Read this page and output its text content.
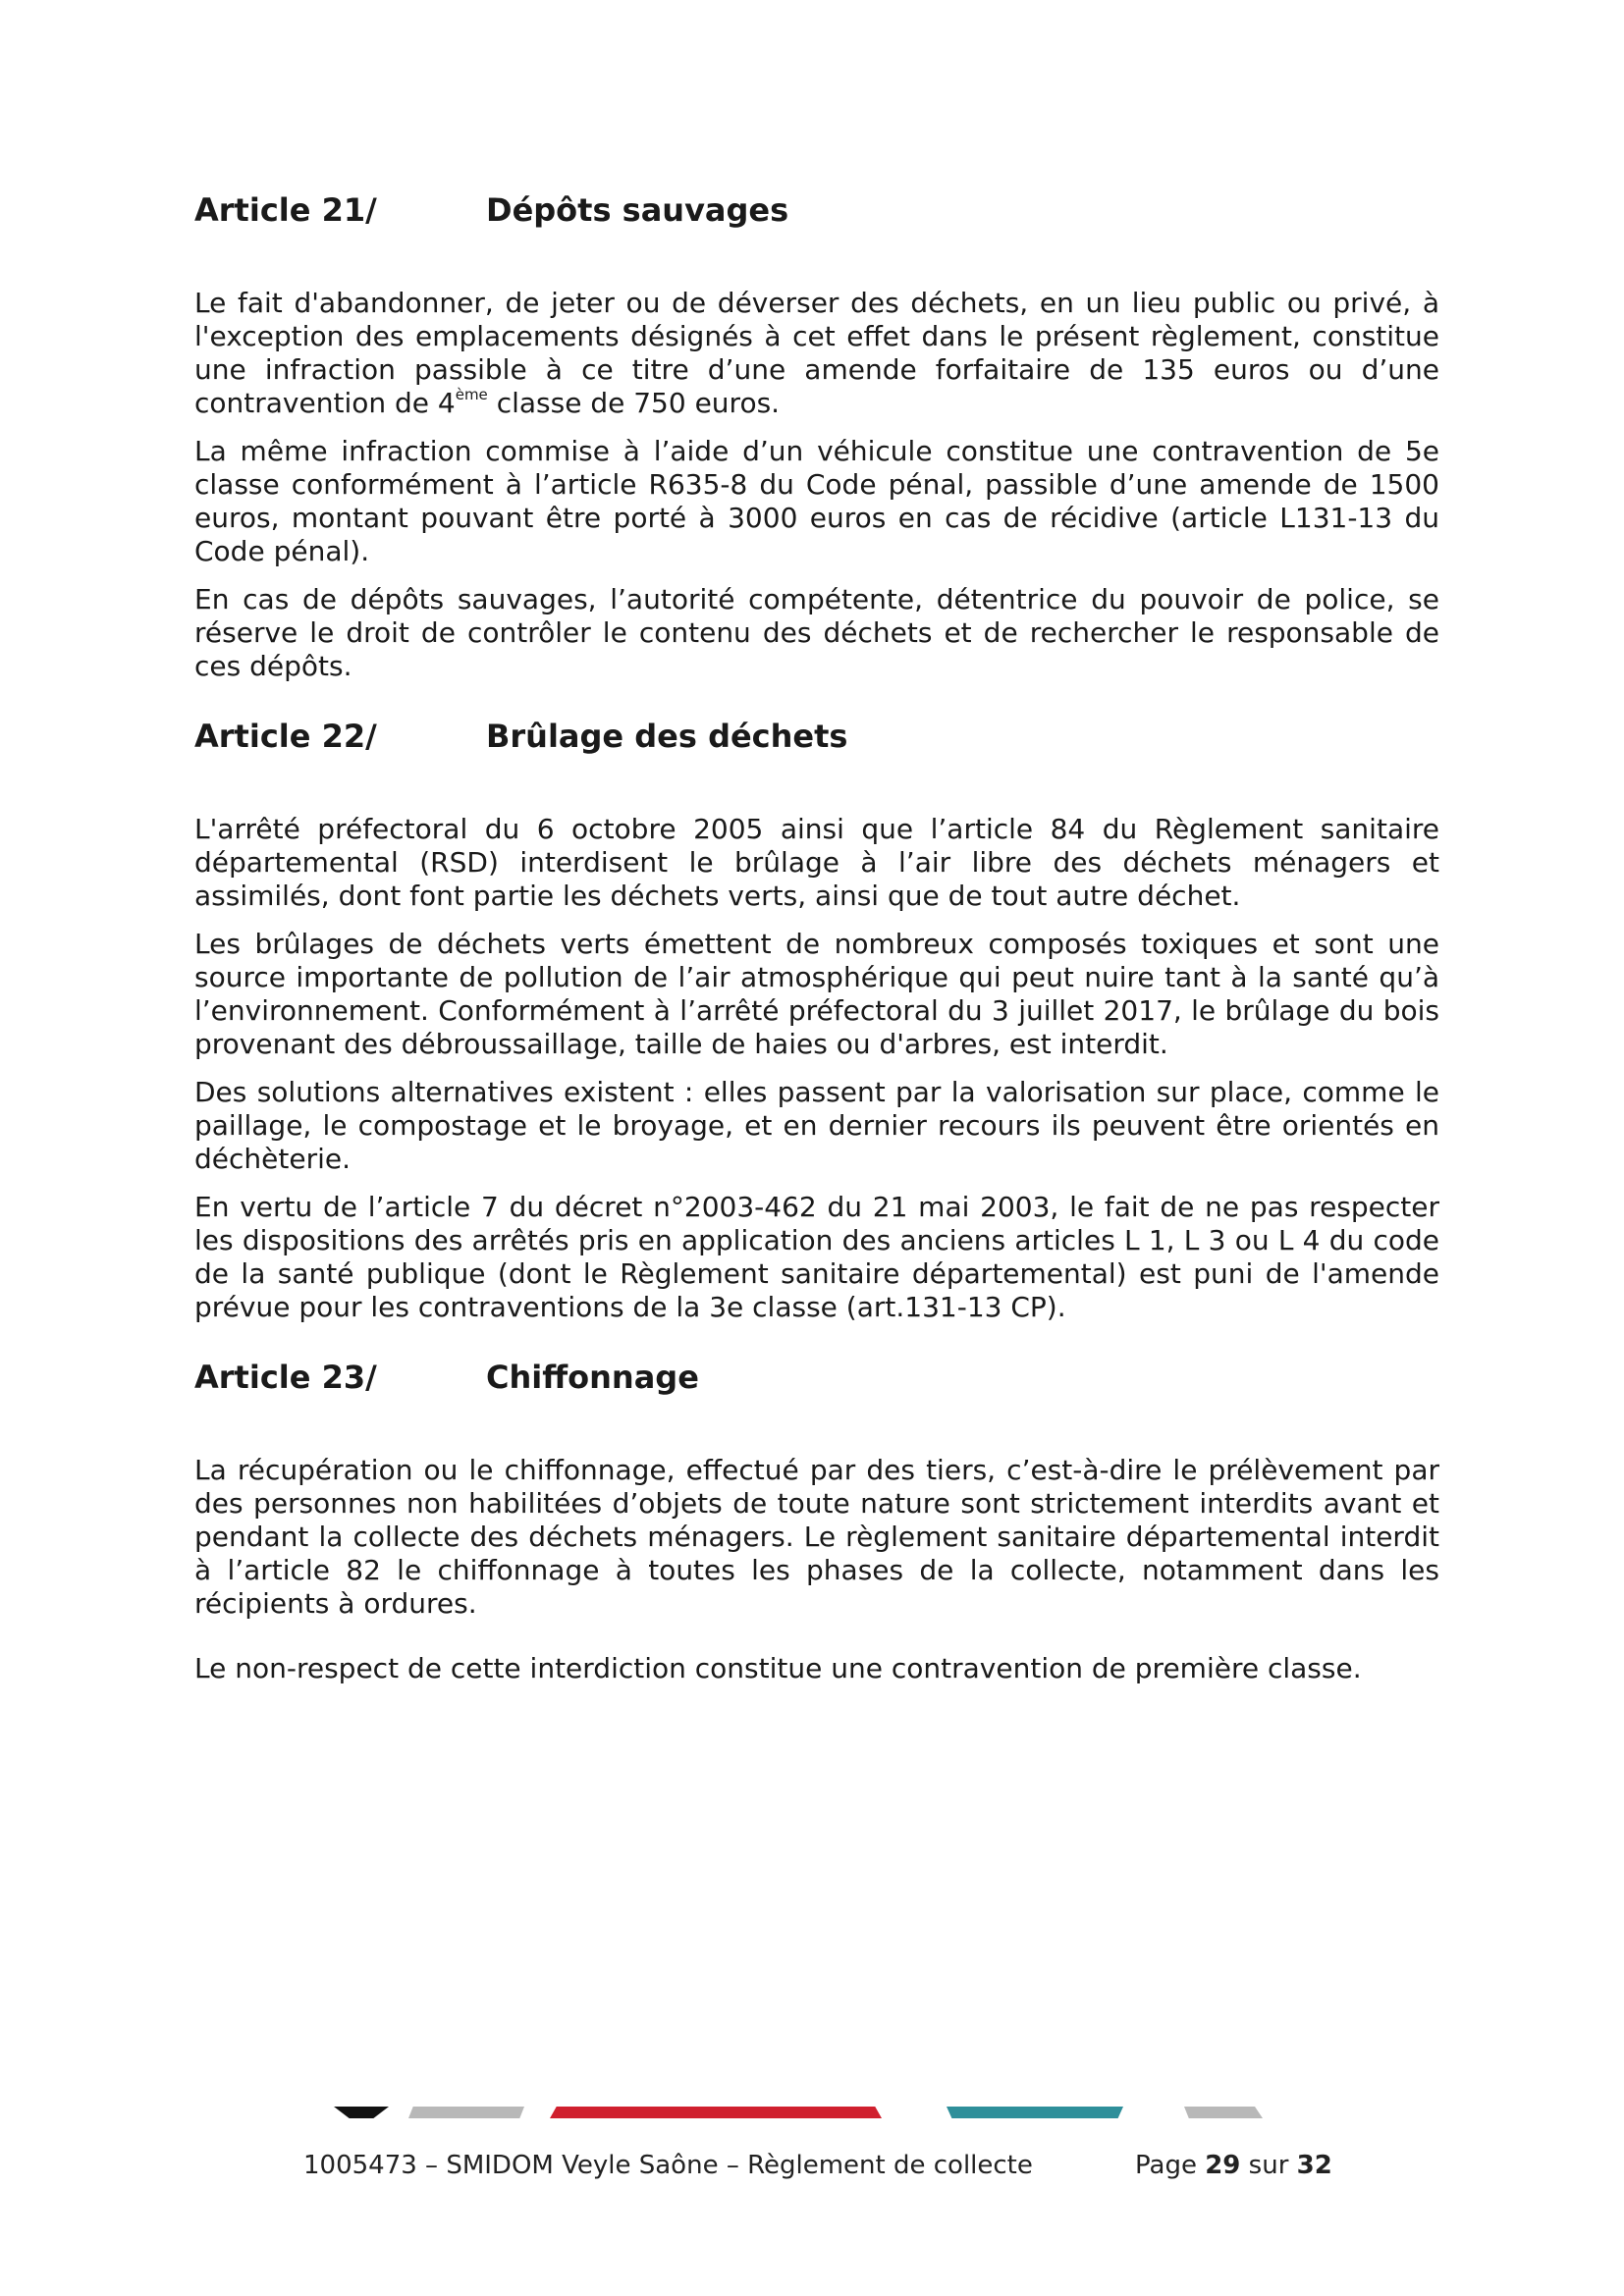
Article 21/	Dépôts sauvages

Le fait d'abandonner, de jeter ou de déverser des déchets, en un lieu public ou privé, à l'exception des emplacements désignés à cet effet dans le présent règlement, constitue une infraction passible à ce titre d’une amende forfaitaire de 135 euros ou d’une contravention de 4ème classe de 750 euros.

La même infraction commise à l’aide d’un véhicule constitue une contravention de 5e classe conformément à l’article R635-8 du Code pénal, passible d’une amende de 1500 euros, montant pouvant être porté à 3000 euros en cas de récidive (article L131-13 du Code pénal).

En cas de dépôts sauvages, l’autorité compétente, détentrice du pouvoir de police, se réserve le droit de contrôler le contenu des déchets et de rechercher le responsable de ces dépôts.

Article 22/	Brûlage des déchets

L'arrêté préfectoral du 6 octobre 2005 ainsi que l’article 84 du Règlement sanitaire départemental (RSD) interdisent le brûlage à l’air libre des déchets ménagers et assimilés, dont font partie les déchets verts, ainsi que de tout autre déchet.

Les brûlages de déchets verts émettent de nombreux composés toxiques et sont une source importante de pollution de l’air atmosphérique qui peut nuire tant à la santé qu’à l’environnement. Conformément à l’arrêté préfectoral du 3 juillet 2017, le brûlage du bois provenant des débroussaillage, taille de haies ou d'arbres, est interdit.

Des solutions alternatives existent : elles passent par la valorisation sur place, comme le paillage, le compostage et le broyage, et en dernier recours ils peuvent être orientés en déchèterie.

En vertu de l’article 7 du décret n°2003-462 du 21 mai 2003, le fait de ne pas respecter les dispositions des arrêtés pris en application des anciens articles L 1, L 3 ou L 4 du code de la santé publique (dont le Règlement sanitaire départemental) est puni de l'amende prévue pour les contraventions de la 3e classe (art.131-13 CP).

Article 23/	Chiffonnage

La récupération ou le chiffonnage, effectué par des tiers, c’est-à-dire le prélèvement par des personnes non habilitées d’objets de toute nature sont strictement interdits avant et pendant la collecte des déchets ménagers. Le règlement sanitaire départemental interdit à l’article 82 le chiffonnage à toutes les phases de la collecte, notamment dans les récipients à ordures.

Le non-respect de cette interdiction constitue une contravention de première classe.

1005473 – SMIDOM Veyle Saône – Règlement de collecte	Page 29 sur 32
